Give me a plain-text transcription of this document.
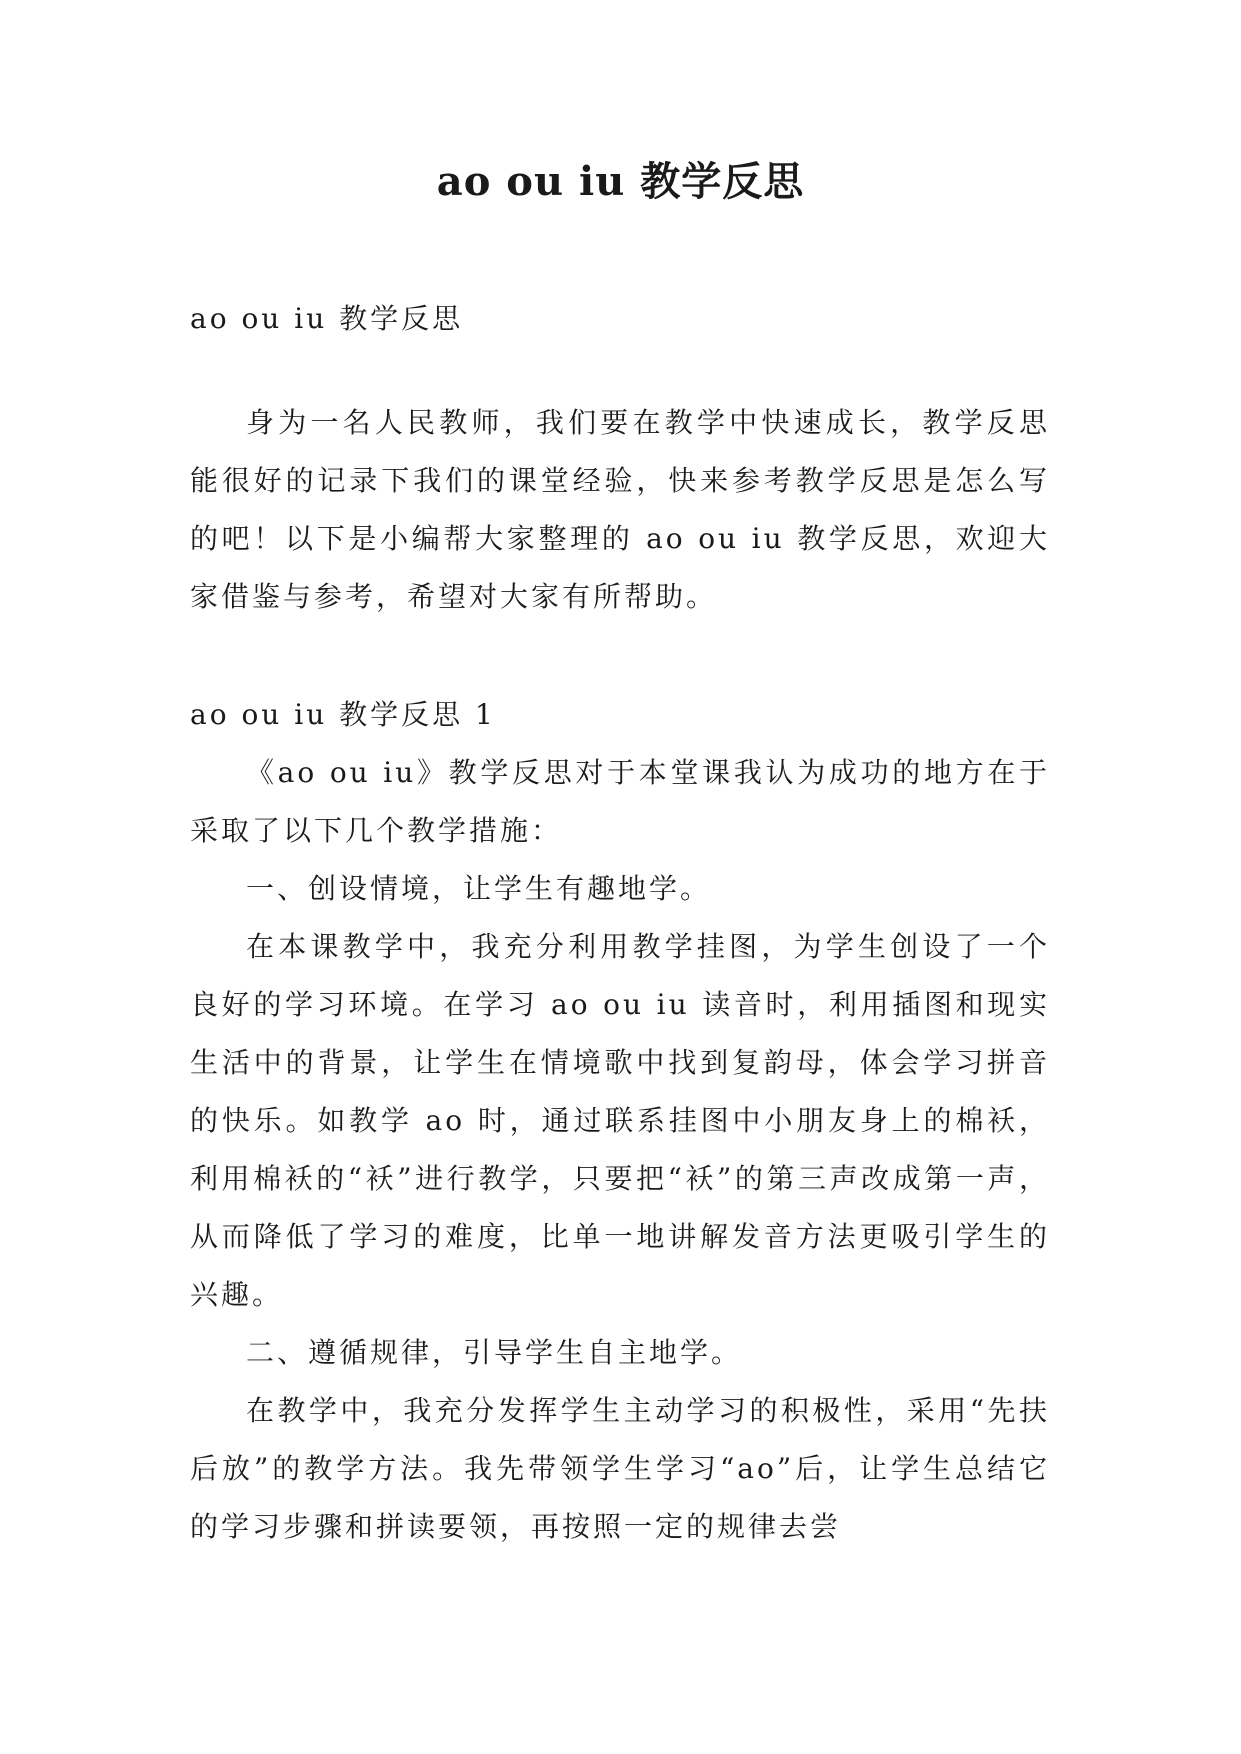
ao ou iu 教学反思

ao ou iu 教学反思

身为一名人民教师，我们要在教学中快速成长，教学反思能很好的记录下我们的课堂经验，快来参考教学反思是怎么写的吧！以下是小编帮大家整理的 ao ou iu 教学反思，欢迎大家借鉴与参考，希望对大家有所帮助。

ao ou iu 教学反思 1

《ao ou iu》教学反思对于本堂课我认为成功的地方在于采取了以下几个教学措施：

一、创设情境，让学生有趣地学。

在本课教学中，我充分利用教学挂图，为学生创设了一个良好的学习环境。在学习 ao ou iu 读音时，利用插图和现实生活中的背景，让学生在情境歌中找到复韵母，体会学习拼音的快乐。如教学 ao 时，通过联系挂图中小朋友身上的棉袄，利用棉袄的“袄”进行教学，只要把“袄”的第三声改成第一声，从而降低了学习的难度，比单一地讲解发音方法更吸引学生的兴趣。

二、遵循规律，引导学生自主地学。

在教学中，我充分发挥学生主动学习的积极性，采用“先扶后放”的教学方法。我先带领学生学习“ao”后，让学生总结它的学习步骤和拼读要领，再按照一定的规律去尝
